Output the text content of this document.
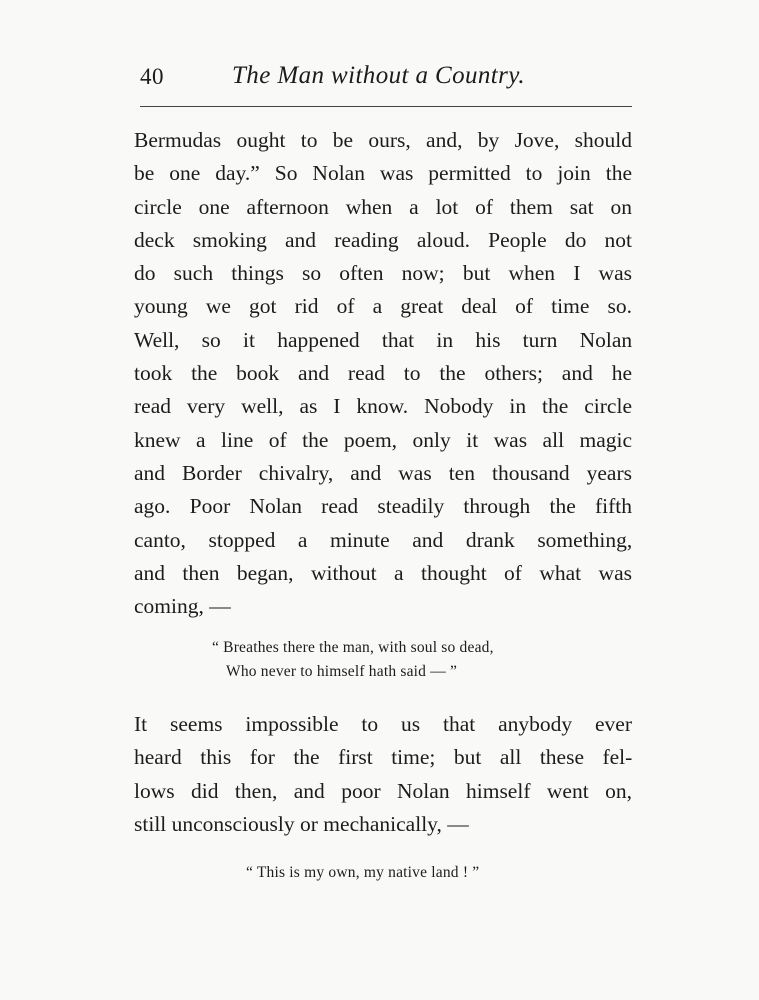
40	The Man without a Country.

Bermudas ought to be ours, and, by Jove, should
be one day.” So Nolan was permitted to join the
circle one afternoon when a lot of them sat on
deck smoking and reading aloud. People do not
do such things so often now; but when I was
young we got rid of a great deal of time so.
Well, so it happened that in his turn Nolan
took the book and read to the others; and he
read very well, as I know. Nobody in the circle
knew a line of the poem, only it was all magic
and Border chivalry, and was ten thousand years
ago. Poor Nolan read steadily through the fifth
canto, stopped a minute and drank something,
and then began, without a thought of what was
coming, —

“ Breathes there the man, with soul so dead,
Who never to himself hath said — ”

It seems impossible to us that anybody ever
heard this for the first time; but all these fel-
lows did then, and poor Nolan himself went on,
still unconsciously or mechanically, —

“ This is my own, my native land ! ”
